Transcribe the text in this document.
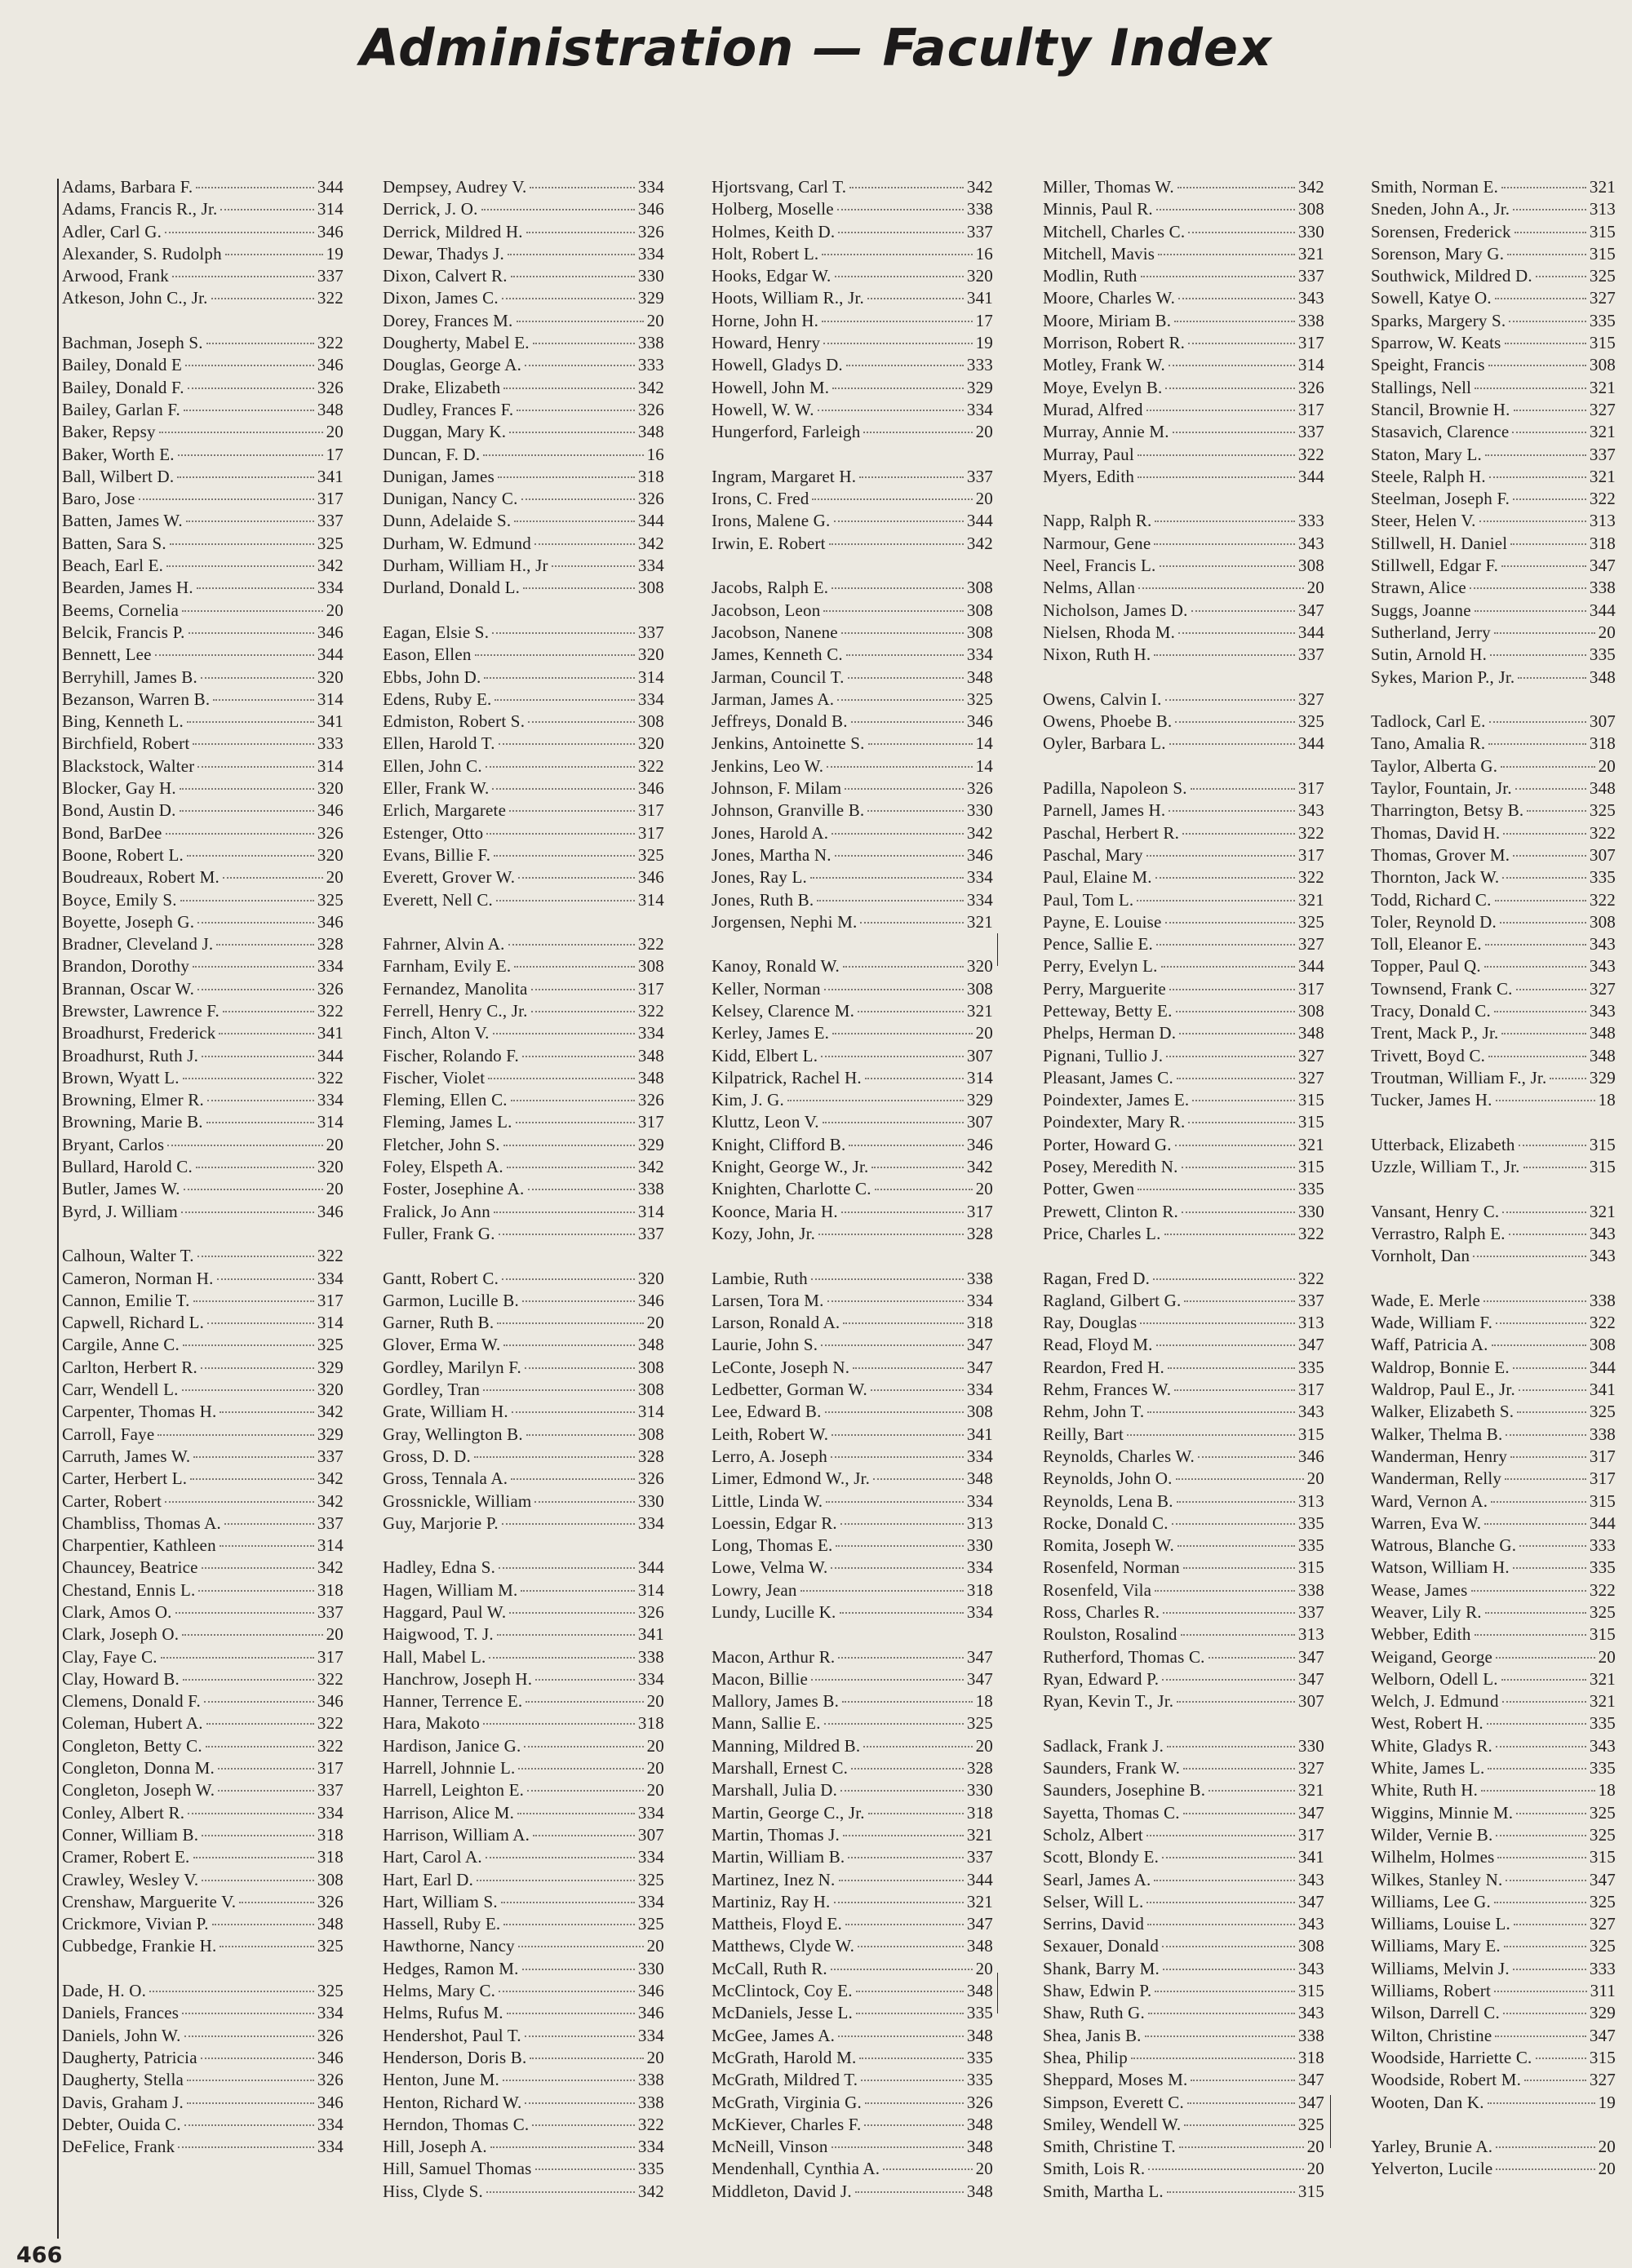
Administration — Faculty Index
Adams, Barbara F.	344
Adams, Francis R., Jr.	314
Adler, Carl G.	346
Alexander, S. Rudolph	19
Arwood, Frank	337
Atkeson, John C., Jr.	322
Bachman, Joseph S.	322
Bailey, Donald E	346
Bailey, Donald F.	326
Bailey, Garlan F.	348
Baker, Repsy	20
Baker, Worth E.	17
Ball, Wilbert D.	341
Baro, Jose	317
Batten, James W.	337
Batten, Sara S.	325
Beach, Earl E.	342
Bearden, James H.	334
Beems, Cornelia	20
Belcik, Francis P.	346
Bennett, Lee	344
Berryhill, James B.	320
Bezanson, Warren B.	314
Bing, Kenneth L.	341
Birchfield, Robert	333
Blackstock, Walter	314
Blocker, Gay H.	320
Bond, Austin D.	346
Bond, BarDee	326
Boone, Robert L.	320
Boudreaux, Robert M.	20
Boyce, Emily S.	325
Boyette, Joseph G.	346
Bradner, Cleveland J.	328
Brandon, Dorothy	334
Brannan, Oscar W.	326
Brewster, Lawrence F.	322
Broadhurst, Frederick	341
Broadhurst, Ruth J.	344
Brown, Wyatt L.	322
Browning, Elmer R.	334
Browning, Marie B.	314
Bryant, Carlos	20
Bullard, Harold C.	320
Butler, James W.	20
Byrd, J. William	346
Calhoun, Walter T.	322
Cameron, Norman H.	334
Cannon, Emilie T.	317
Capwell, Richard L.	314
Cargile, Anne C.	325
Carlton, Herbert R.	329
Carr, Wendell L.	320
Carpenter, Thomas H.	342
Carroll, Faye	329
Carruth, James W.	337
Carter, Herbert L.	342
Carter, Robert	342
Chambliss, Thomas A.	337
Charpentier, Kathleen	314
Chauncey, Beatrice	342
Chestand, Ennis L.	318
Clark, Amos O.	337
Clark, Joseph O.	20
Clay, Faye C.	317
Clay, Howard B.	322
Clemens, Donald F.	346
Coleman, Hubert A.	322
Congleton, Betty C.	322
Congleton, Donna M.	317
Congleton, Joseph W.	337
Conley, Albert R.	334
Conner, William B.	318
Cramer, Robert E.	318
Crawley, Wesley V.	308
Crenshaw, Marguerite V.	326
Crickmore, Vivian P.	348
Cubbedge, Frankie H.	325
Dade, H. O.	325
Daniels, Frances	334
Daniels, John W.	326
Daugherty, Patricia	346
Daugherty, Stella	326
Davis, Graham J.	346
Debter, Ouida C.	334
DeFelice, Frank	334
Dempsey, Audrey V.	334
Derrick, J. O.	346
Derrick, Mildred H.	326
Dewar, Thadys J.	334
Dixon, Calvert R.	330
Dixon, James C.	329
Dorey, Frances M.	20
Dougherty, Mabel E.	338
Douglas, George A.	333
Drake, Elizabeth	342
Dudley, Frances F.	326
Duggan, Mary K.	348
Duncan, F. D.	16
Dunigan, James	318
Dunigan, Nancy C.	326
Dunn, Adelaide S.	344
Durham, W. Edmund	342
Durham, William H., Jr	334
Durland, Donald L.	308
Eagan, Elsie S.	337
Eason, Ellen	320
Ebbs, John D.	314
Edens, Ruby E.	334
Edmiston, Robert S.	308
Ellen, Harold T.	320
Ellen, John C.	322
Eller, Frank W.	346
Erlich, Margarete	317
Estenger, Otto	317
Evans, Billie F.	325
Everett, Grover W.	346
Everett, Nell C.	314
Fahrner, Alvin A.	322
Farnham, Evily E.	308
Fernandez, Manolita	317
Ferrell, Henry C., Jr.	322
Finch, Alton V.	334
Fischer, Rolando F.	348
Fischer, Violet	348
Fleming, Ellen C.	326
Fleming, James L.	317
Fletcher, John S.	329
Foley, Elspeth A.	342
Foster, Josephine A.	338
Fralick, Jo Ann	314
Fuller, Frank G.	337
Gantt, Robert C.	320
Garmon, Lucille B.	346
Garner, Ruth B.	20
Glover, Erma W.	348
Gordley, Marilyn F.	308
Gordley, Tran	308
Grate, William H.	314
Gray, Wellington B.	308
Gross, D. D.	328
Gross, Tennala A.	326
Grossnickle, William	330
Guy, Marjorie P.	334
Hadley, Edna S.	344
Hagen, William M.	314
Haggard, Paul W.	326
Haigwood, T. J.	341
Hall, Mabel L.	338
Hanchrow, Joseph H.	334
Hanner, Terrence E.	20
Hara, Makoto	318
Hardison, Janice G.	20
Harrell, Johnnie L.	20
Harrell, Leighton E.	20
Harrison, Alice M.	334
Harrison, William A.	307
Hart, Carol A.	334
Hart, Earl D.	325
Hart, William S.	334
Hassell, Ruby E.	325
Hawthorne, Nancy	20
Hedges, Ramon M.	330
Helms, Mary C.	346
Helms, Rufus M.	346
Hendershot, Paul T.	334
Henderson, Doris B.	20
Henton, June M.	338
Henton, Richard W.	338
Herndon, Thomas C.	322
Hill, Joseph A.	334
Hill, Samuel Thomas	335
Hiss, Clyde S.	342
Hjortsvang, Carl T.	342
Holberg, Moselle	338
Holmes, Keith D.	337
Holt, Robert L.	16
Hooks, Edgar W.	320
Hoots, William R., Jr.	341
Horne, John H.	17
Howard, Henry	19
Howell, Gladys D.	333
Howell, John M.	329
Howell, W. W.	334
Hungerford, Farleigh	20
Ingram, Margaret H.	337
Irons, C. Fred	20
Irons, Malene G.	344
Irwin, E. Robert	342
Jacobs, Ralph E.	308
Jacobson, Leon	308
Jacobson, Nanene	308
James, Kenneth C.	334
Jarman, Council T.	348
Jarman, James A.	325
Jeffreys, Donald B.	346
Jenkins, Antoinette S.	14
Jenkins, Leo W.	14
Johnson, F. Milam	326
Johnson, Granville B.	330
Jones, Harold A.	342
Jones, Martha N.	346
Jones, Ray L.	334
Jones, Ruth B.	334
Jorgensen, Nephi M.	321
Kanoy, Ronald W.	320
Keller, Norman	308
Kelsey, Clarence M.	321
Kerley, James E.	20
Kidd, Elbert L.	307
Kilpatrick, Rachel H.	314
Kim, J. G.	329
Kluttz, Leon V.	307
Knight, Clifford B.	346
Knight, George W., Jr.	342
Knighten, Charlotte C.	20
Koonce, Maria H.	317
Kozy, John, Jr.	328
Lambie, Ruth	338
Larsen, Tora M.	334
Larson, Ronald A.	318
Laurie, John S.	347
LeConte, Joseph N.	347
Ledbetter, Gorman W.	334
Lee, Edward B.	308
Leith, Robert W.	341
Lerro, A. Joseph	334
Limer, Edmond W., Jr.	348
Little, Linda W.	334
Loessin, Edgar R.	313
Long, Thomas E.	330
Lowe, Velma W.	334
Lowry, Jean	318
Lundy, Lucille K.	334
Macon, Arthur R.	347
Macon, Billie	347
Mallory, James B.	18
Mann, Sallie E.	325
Manning, Mildred B.	20
Marshall, Ernest C.	328
Marshall, Julia D.	330
Martin, George C., Jr.	318
Martin, Thomas J.	321
Martin, William B.	337
Martinez, Inez N.	344
Martiniz, Ray H.	321
Mattheis, Floyd E.	347
Matthews, Clyde W.	348
McCall, Ruth R.	20
McClintock, Coy E.	348
McDaniels, Jesse L.	335
McGee, James A.	348
McGrath, Harold M.	335
McGrath, Mildred T.	335
McGrath, Virginia G.	326
McKiever, Charles F.	348
McNeill, Vinson	348
Mendenhall, Cynthia A.	20
Middleton, David J.	348
Miller, Thomas W.	342
Minnis, Paul R.	308
Mitchell, Charles C.	330
Mitchell, Mavis	321
Modlin, Ruth	337
Moore, Charles W.	343
Moore, Miriam B.	338
Morrison, Robert R.	317
Motley, Frank W.	314
Moye, Evelyn B.	326
Murad, Alfred	317
Murray, Annie M.	337
Murray, Paul	322
Myers, Edith	344
Napp, Ralph R.	333
Narmour, Gene	343
Neel, Francis L.	308
Nelms, Allan	20
Nicholson, James D.	347
Nielsen, Rhoda M.	344
Nixon, Ruth H.	337
Owens, Calvin I.	327
Owens, Phoebe B.	325
Oyler, Barbara L.	344
Padilla, Napoleon S.	317
Parnell, James H.	343
Paschal, Herbert R.	322
Paschal, Mary	317
Paul, Elaine M.	322
Paul, Tom L.	321
Payne, E. Louise	325
Pence, Sallie E.	327
Perry, Evelyn L.	344
Perry, Marguerite	317
Petteway, Betty E.	308
Phelps, Herman D.	348
Pignani, Tullio J.	327
Pleasant, James C.	327
Poindexter, James E.	315
Poindexter, Mary R.	315
Porter, Howard G.	321
Posey, Meredith N.	315
Potter, Gwen	335
Prewett, Clinton R.	330
Price, Charles L.	322
Ragan, Fred D.	322
Ragland, Gilbert G.	337
Ray, Douglas	313
Read, Floyd M.	347
Reardon, Fred H.	335
Rehm, Frances W.	317
Rehm, John T.	343
Reilly, Bart	315
Reynolds, Charles W.	346
Reynolds, John O.	20
Reynolds, Lena B.	313
Rocke, Donald C.	335
Romita, Joseph W.	335
Rosenfeld, Norman	315
Rosenfeld, Vila	338
Ross, Charles R.	337
Roulston, Rosalind	313
Rutherford, Thomas C.	347
Ryan, Edward P.	347
Ryan, Kevin T., Jr.	307
Sadlack, Frank J.	330
Saunders, Frank W.	327
Saunders, Josephine B.	321
Sayetta, Thomas C.	347
Scholz, Albert	317
Scott, Blondy E.	341
Searl, James A.	343
Selser, Will L.	347
Serrins, David	343
Sexauer, Donald	308
Shank, Barry M.	343
Shaw, Edwin P.	315
Shaw, Ruth G.	343
Shea, Janis B.	338
Shea, Philip	318
Sheppard, Moses M.	347
Simpson, Everett C.	347
Smiley, Wendell W.	325
Smith, Christine T.	20
Smith, Lois R.	20
Smith, Martha L.	315
Smith, Norman E.	321
Sneden, John A., Jr.	313
Sorensen, Frederick	315
Sorenson, Mary G.	315
Southwick, Mildred D.	325
Sowell, Katye O.	327
Sparks, Margery S.	335
Sparrow, W. Keats	315
Speight, Francis	308
Stallings, Nell	321
Stancil, Brownie H.	327
Stasavich, Clarence	321
Staton, Mary L.	337
Steele, Ralph H.	321
Steelman, Joseph F.	322
Steer, Helen V.	313
Stillwell, H. Daniel	318
Stillwell, Edgar F.	347
Strawn, Alice	338
Suggs, Joanne	344
Sutherland, Jerry	20
Sutin, Arnold H.	335
Sykes, Marion P., Jr.	348
Tadlock, Carl E.	307
Tano, Amalia R.	318
Taylor, Alberta G.	20
Taylor, Fountain, Jr.	348
Tharrington, Betsy B.	325
Thomas, David H.	322
Thomas, Grover M.	307
Thornton, Jack W.	335
Todd, Richard C.	322
Toler, Reynold D.	308
Toll, Eleanor E.	343
Topper, Paul Q.	343
Townsend, Frank C.	327
Tracy, Donald C.	343
Trent, Mack P., Jr.	348
Trivett, Boyd C.	348
Troutman, William F., Jr. 329
Tucker, James H.	18
Utterback, Elizabeth	315
Uzzle, William T., Jr.	315
Vansant, Henry C.	321
Verrastro, Ralph E.	343
Vornholt, Dan	343
Wade, E. Merle	338
Wade, William F.	322
Waff, Patricia A.	308
Waldrop, Bonnie E.	344
Waldrop, Paul E., Jr.	341
Walker, Elizabeth S.	325
Walker, Thelma B.	338
Wanderman, Henry	317
Wanderman, Relly	317
Ward, Vernon A.	315
Warren, Eva W.	344
Watrous, Blanche G.	333
Watson, William H.	335
Wease, James	322
Weaver, Lily R.	325
Webber, Edith	315
Weigand, George	20
Welborn, Odell L.	321
Welch, J. Edmund	321
West, Robert H.	335
White, Gladys R.	343
White, James L.	335
White, Ruth H.	18
Wiggins, Minnie M.	325
Wilder, Vernie B.	325
Wilhelm, Holmes	315
Wilkes, Stanley N.	347
Williams, Lee G.	325
Williams, Louise L.	327
Williams, Mary E.	325
Williams, Melvin J.	333
Williams, Robert	311
Wilson, Darrell C.	329
Wilton, Christine	347
Woodside, Harriette C.	315
Woodside, Robert M.	327
Wooten, Dan K.	19
Yarley, Brunie A.	20
Yelverton, Lucile	20
466
